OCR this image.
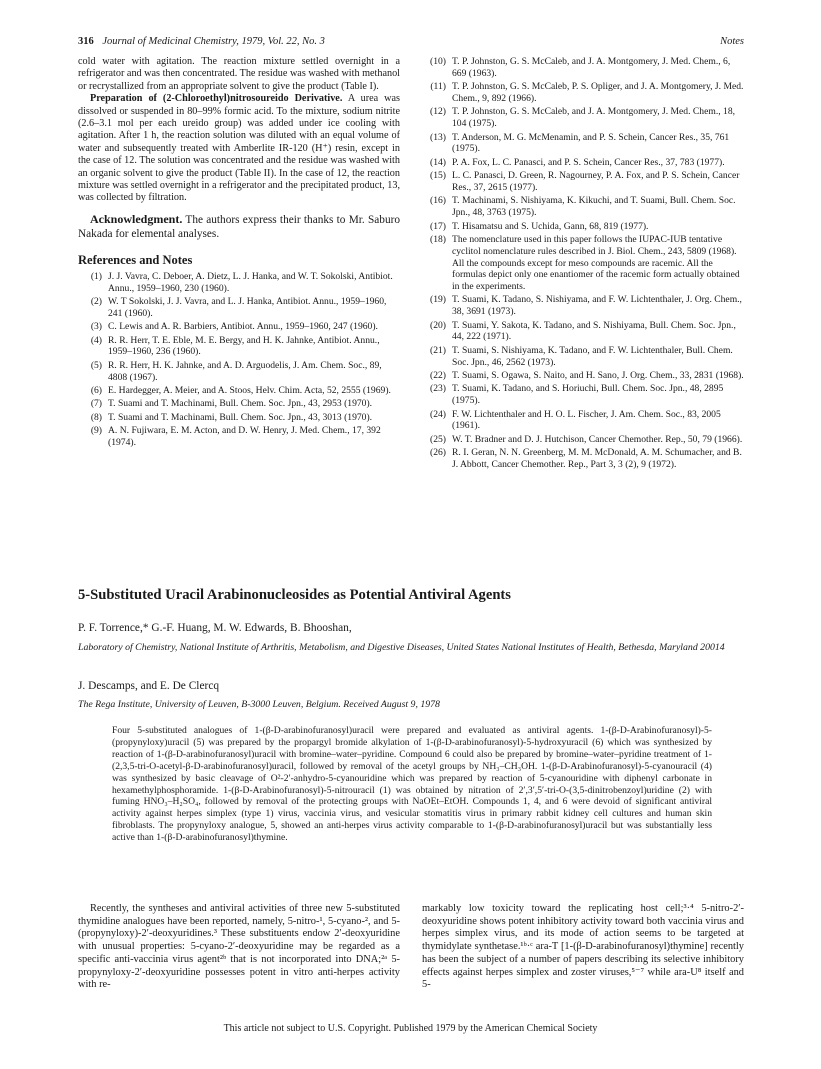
316 Journal of Medicinal Chemistry, 1979, Vol. 22, No. 3	Notes

cold water with agitation. The reaction mixture settled overnight in a refrigerator and was then concentrated. The residue was washed with methanol or recrystallized from an appropriate solvent to give the product (Table I).

Preparation of (2-Chloroethyl)nitrosoureido Derivative. A urea was dissolved or suspended in 80–99% formic acid. To the mixture, sodium nitrite (2.6–3.1 mol per each ureido group) was added under ice cooling with agitation. After 1 h, the reaction solution was diluted with an equal volume of water and subsequently treated with Amberlite IR-120 (H⁺) resin, except in the case of 12. The solution was concentrated and the residue was washed with an organic solvent to give the product (Table II). In the case of 12, the reaction mixture was settled overnight in a refrigerator and the precipitated product, 13, was collected by filtration.

Acknowledgment. The authors express their thanks to Mr. Saburo Nakada for elemental analyses.

References and Notes
(1) J. J. Vavra, C. Deboer, A. Dietz, L. J. Hanka, and W. T. Sokolski, Antibiot. Annu., 1959–1960, 230 (1960).
(2) W. T Sokolski, J. J. Vavra, and L. J. Hanka, Antibiot. Annu., 1959–1960, 241 (1960).
(3) C. Lewis and A. R. Barbiers, Antibiot. Annu., 1959–1960, 247 (1960).
(4) R. R. Herr, T. E. Eble, M. E. Bergy, and H. K. Jahnke, Antibiot. Annu., 1959–1960, 236 (1960).
(5) R. R. Herr, H. K. Jahnke, and A. D. Arguodelis, J. Am. Chem. Soc., 89, 4808 (1967).
(6) E. Hardegger, A. Meier, and A. Stoos, Helv. Chim. Acta, 52, 2555 (1969).
(7) T. Suami and T. Machinami, Bull. Chem. Soc. Jpn., 43, 2953 (1970).
(8) T. Suami and T. Machinami, Bull. Chem. Soc. Jpn., 43, 3013 (1970).
(9) A. N. Fujiwara, E. M. Acton, and D. W. Henry, J. Med. Chem., 17, 392 (1974).
(10) T. P. Johnston, G. S. McCaleb, and J. A. Montgomery, J. Med. Chem., 6, 669 (1963).
(11) T. P. Johnston, G. S. McCaleb, P. S. Opliger, and J. A. Montgomery, J. Med. Chem., 9, 892 (1966).
(12) T. P. Johnston, G. S. McCaleb, and J. A. Montgomery, J. Med. Chem., 18, 104 (1975).
(13) T. Anderson, M. G. McMenamin, and P. S. Schein, Cancer Res., 35, 761 (1975).
(14) P. A. Fox, L. C. Panasci, and P. S. Schein, Cancer Res., 37, 783 (1977).
(15) L. C. Panasci, D. Green, R. Nagourney, P. A. Fox, and P. S. Schein, Cancer Res., 37, 2615 (1977).
(16) T. Machinami, S. Nishiyama, K. Kikuchi, and T. Suami, Bull. Chem. Soc. Jpn., 48, 3763 (1975).
(17) T. Hisamatsu and S. Uchida, Gann, 68, 819 (1977).
(18) The nomenclature used in this paper follows the IUPAC-IUB tentative cyclitol nomenclature rules described in J. Biol. Chem., 243, 5809 (1968). All the compounds except for meso compounds are racemic. All the formulas depict only one enantiomer of the racemic form actually obtained in the experiments.
(19) T. Suami, K. Tadano, S. Nishiyama, and F. W. Lichtenthaler, J. Org. Chem., 38, 3691 (1973).
(20) T. Suami, Y. Sakota, K. Tadano, and S. Nishiyama, Bull. Chem. Soc. Jpn., 44, 222 (1971).
(21) T. Suami, S. Nishiyama, K. Tadano, and F. W. Lichtenthaler, Bull. Chem. Soc. Jpn., 46, 2562 (1973).
(22) T. Suami, S. Ogawa, S. Naito, and H. Sano, J. Org. Chem., 33, 2831 (1968).
(23) T. Suami, K. Tadano, and S. Horiuchi, Bull. Chem. Soc. Jpn., 48, 2895 (1975).
(24) F. W. Lichtenthaler and H. O. L. Fischer, J. Am. Chem. Soc., 83, 2005 (1961).
(25) W. T. Bradner and D. J. Hutchison, Cancer Chemother. Rep., 50, 79 (1966).
(26) R. I. Geran, N. N. Greenberg, M. M. McDonald, A. M. Schumacher, and B. J. Abbott, Cancer Chemother. Rep., Part 3, 3 (2), 9 (1972).
5-Substituted Uracil Arabinonucleosides as Potential Antiviral Agents
P. F. Torrence,* G.-F. Huang, M. W. Edwards, B. Bhooshan,
Laboratory of Chemistry, National Institute of Arthritis, Metabolism, and Digestive Diseases, United States National Institutes of Health, Bethesda, Maryland 20014
J. Descamps, and E. De Clercq
The Rega Institute, University of Leuven, B-3000 Leuven, Belgium. Received August 9, 1978

Four 5-substituted analogues of 1-(β-D-arabinofuranosyl)uracil were prepared and evaluated as antiviral agents. 1-(β-D-Arabinofuranosyl)-5-(propynyloxy)uracil (5) was prepared by the propargyl bromide alkylation of 1-(β-D-arabinofuranosyl)-5-hydroxyuracil (6) which was synthesized by reaction of 1-(β-D-arabinofuranosyl)uracil with bromine–water–pyridine. Compound 6 could also be prepared by bromine–water–pyridine treatment of 1-(2,3,5-tri-O-acetyl-β-D-arabinofuranosyl)uracil, followed by removal of the acetyl groups by NH₃–CH₃OH. 1-(β-D-Arabinofuranosyl)-5-cyanouracil (4) was synthesized by basic cleavage of O²-2′-anhydro-5-cyanouridine which was prepared by reaction of 5-cyanouridine with diphenyl carbonate in hexamethylphosphoramide. 1-(β-D-Arabinofuranosyl)-5-nitrouracil (1) was obtained by nitration of 2′,3′,5′-tri-O-(3,5-dinitrobenzoyl)uridine (2) with fuming HNO₃–H₂SO₄, followed by removal of the protecting groups with NaOEt–EtOH. Compounds 1, 4, and 6 were devoid of significant antiviral activity against herpes simplex (type 1) virus, vaccinia virus, and vesicular stomatitis virus in primary rabbit kidney cell cultures and human skin fibroblasts. The propynyloxy analogue, 5, showed an anti-herpes virus activity comparable to 1-(β-D-arabinofuranosyl)uracil but was substantially less active than 1-(β-D-arabinofuranosyl)thymine.

Recently, the syntheses and antiviral activities of three new 5-substituted thymidine analogues have been reported, namely, 5-nitro-¹, 5-cyano-², and 5-(propynyloxy)-2′-deoxyuridines.³ These substituents endow 2′-deoxyuridine with unusual properties: 5-cyano-2′-deoxyuridine may be regarded as a specific anti-vaccinia virus agent²ᵇ that is not incorporated into DNA;²ᵃ 5-propynyloxy-2′-deoxyuridine possesses potent in vitro anti-herpes activity with re-

markably low toxicity toward the replicating host cell;³·⁴ 5-nitro-2′-deoxyuridine shows potent inhibitory activity toward both vaccinia virus and herpes simplex virus, and its mode of action seems to be targeted at thymidylate synthetase.¹ᵇ·ᶜ ara-T [1-(β-D-arabinofuranosyl)thymine] recently has been the subject of a number of papers describing its selective inhibitory effects against herpes simplex and zoster viruses,⁵⁻⁷ while ara-U⁸ itself and 5-

This article not subject to U.S. Copyright. Published 1979 by the American Chemical Society
